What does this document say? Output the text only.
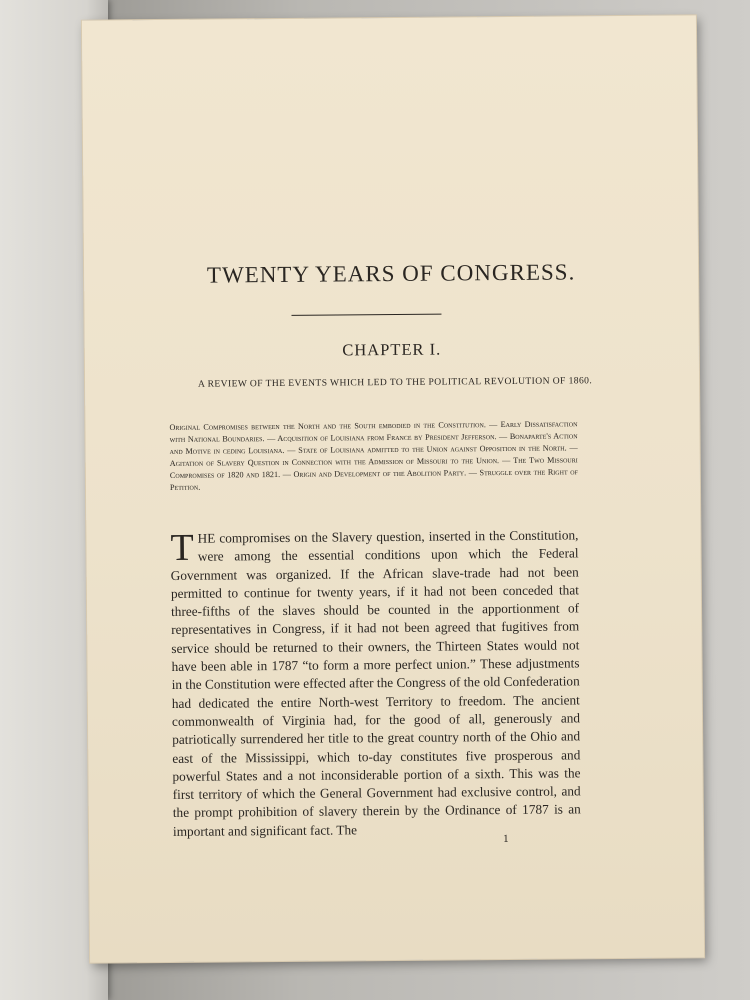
TWENTY YEARS OF CONGRESS.
CHAPTER I.
A REVIEW OF THE EVENTS WHICH LED TO THE POLITICAL REVOLUTION OF 1860.

Original Compromises between the North and the South embodied in the Constitution. — Early Dissatisfaction with National Boundaries. — Acquisition of Louisiana from France by President Jefferson. — Bonaparte's Action and Motive in ceding Louisiana. — State of Louisiana admitted to the Union against Opposition in the North. — Agitation of Slavery Question in Connection with the Admission of Missouri to the Union. — The Two Missouri Compromises of 1820 and 1821. — Origin and Development of the Abolition Party. — Struggle over the Right of Petition.

THE compromises on the Slavery question, inserted in the Constitution, were among the essential conditions upon which the Federal Government was organized. If the African slave-trade had not been permitted to continue for twenty years, if it had not been conceded that three-fifths of the slaves should be counted in the apportionment of representatives in Congress, if it had not been agreed that fugitives from service should be returned to their owners, the Thirteen States would not have been able in 1787 “to form a more perfect union.” These adjustments in the Constitution were effected after the Congress of the old Confederation had dedicated the entire North-west Territory to freedom. The ancient commonwealth of Virginia had, for the good of all, generously and patriotically surrendered her title to the great country north of the Ohio and east of the Mississippi, which to-day constitutes five prosperous and powerful States and a not inconsiderable portion of a sixth. This was the first territory of which the General Government had exclusive control, and the prompt prohibition of slavery therein by the Ordinance of 1787 is an important and significant fact. The

1
